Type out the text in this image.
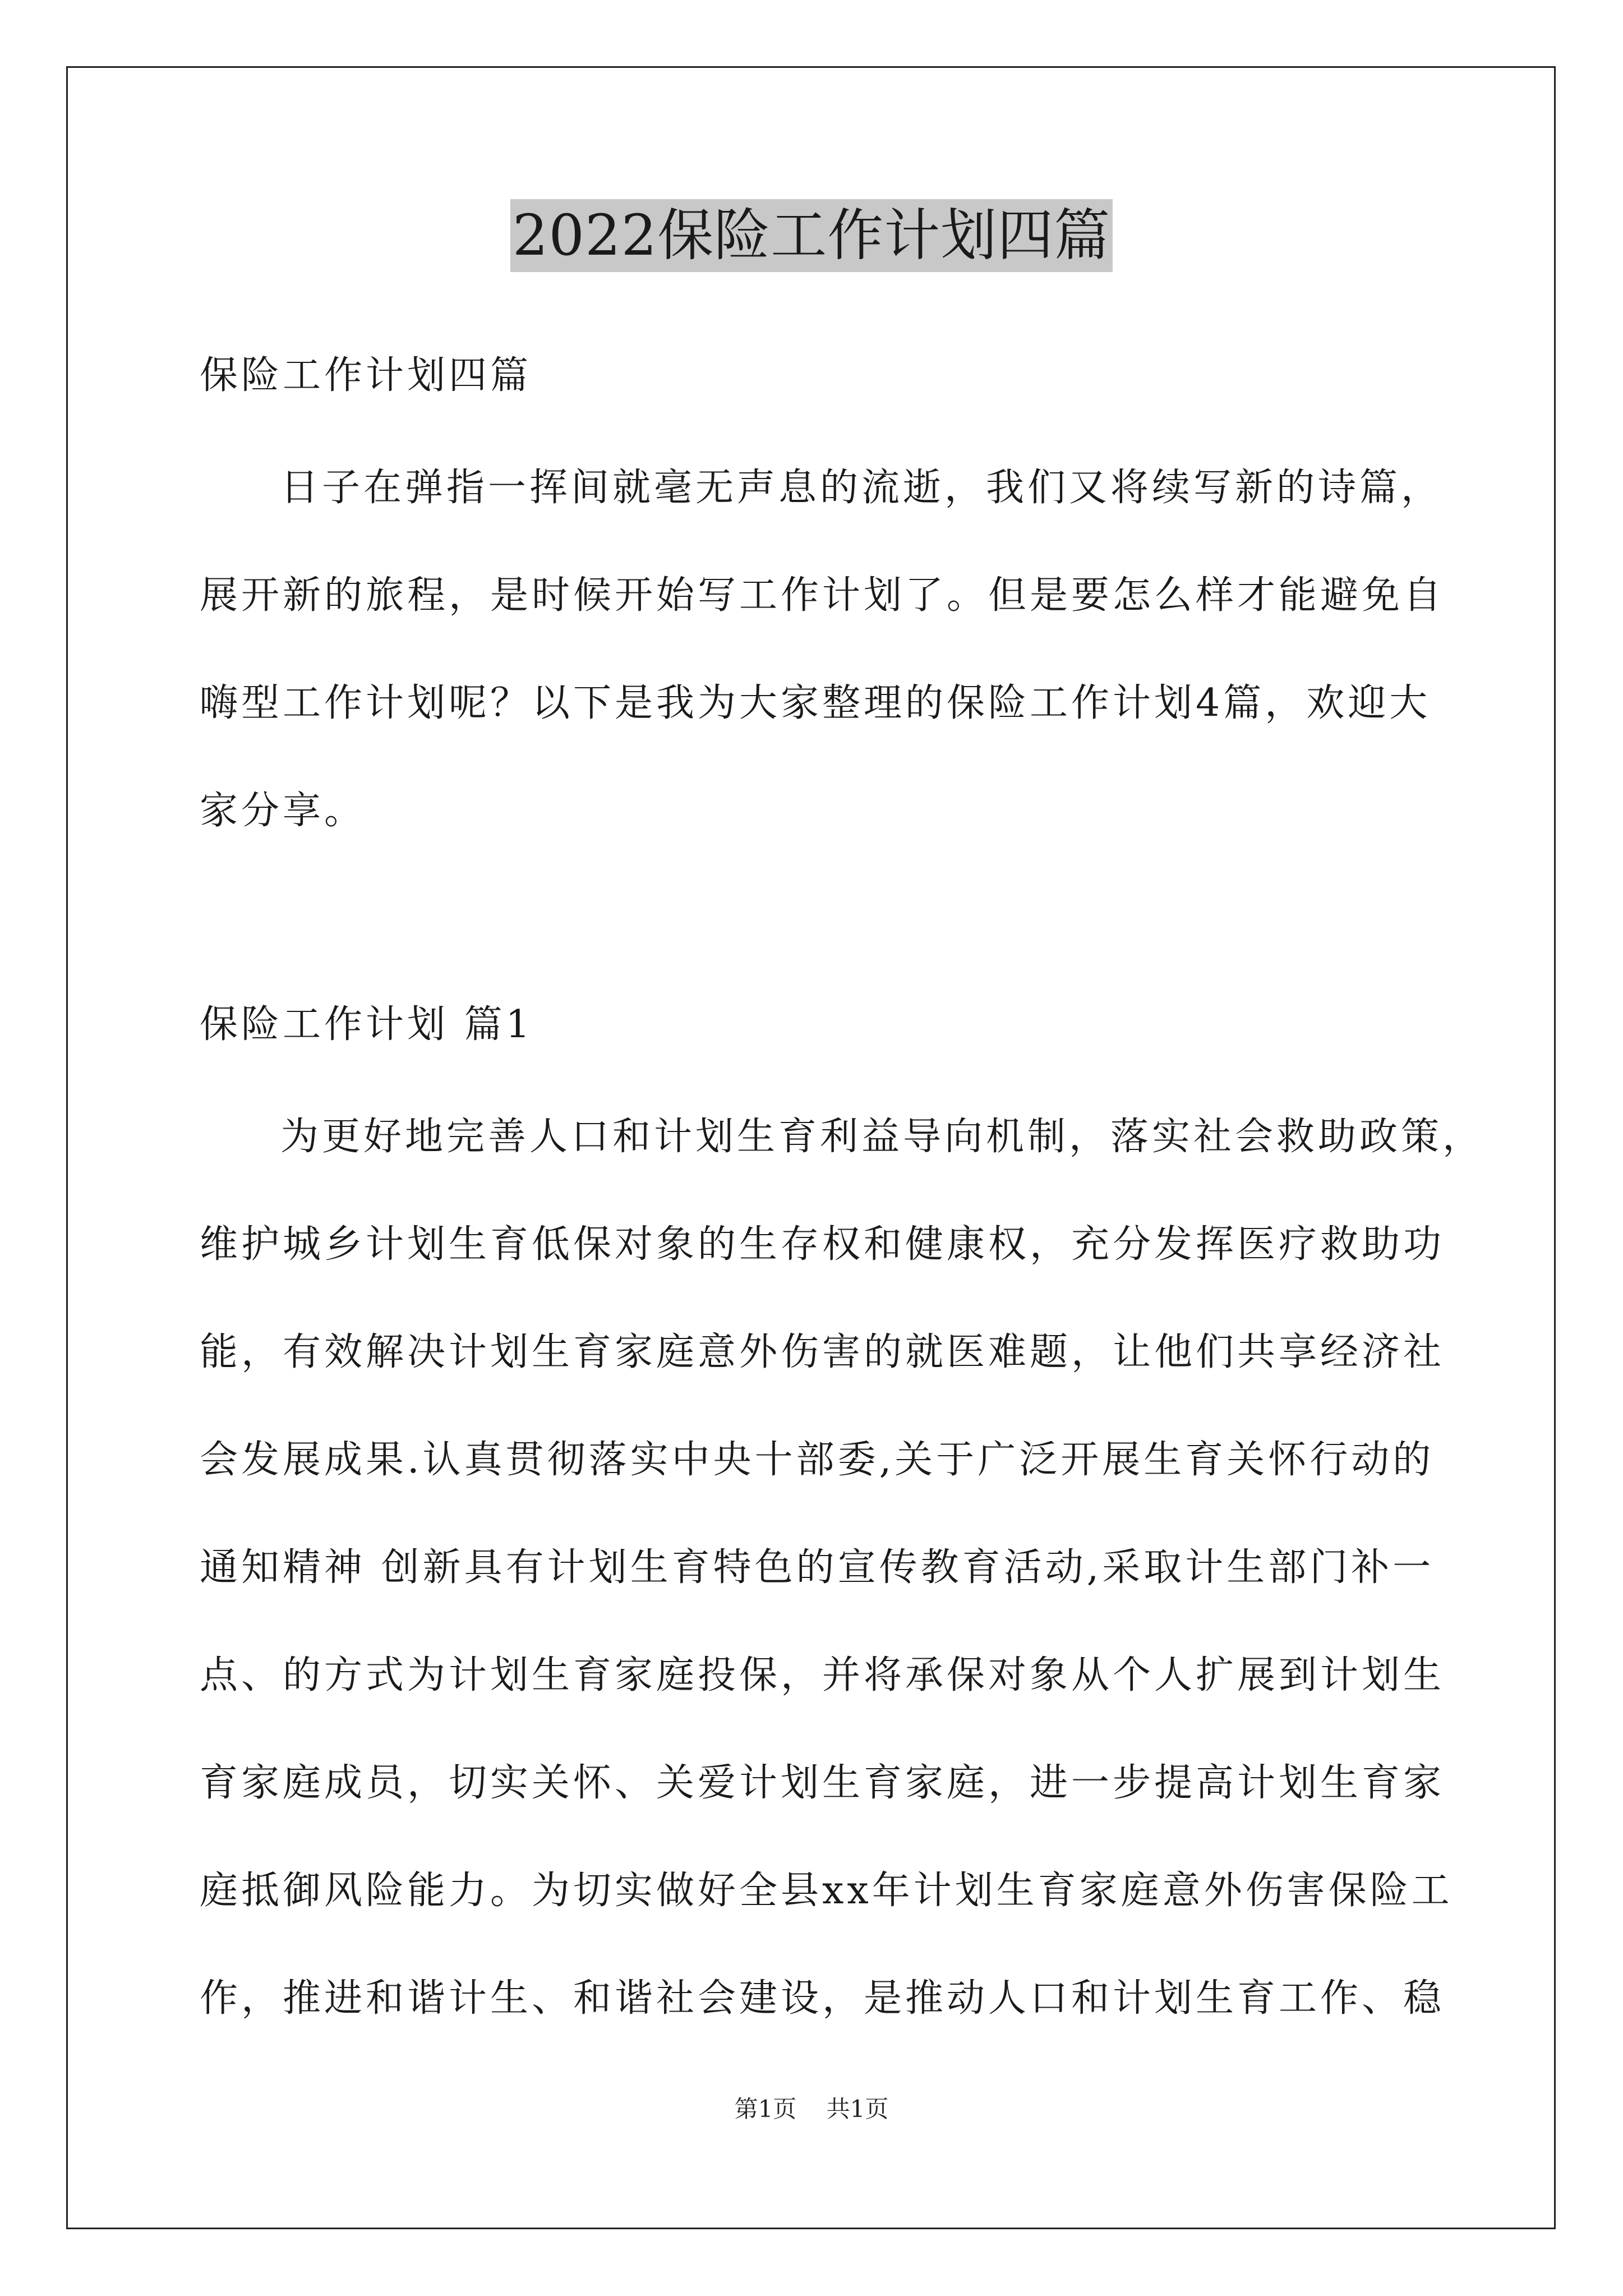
2022保险工作计划四篇
保险工作计划四篇
日子在弹指一挥间就毫无声息的流逝，我们又将续写新的诗篇，
展开新的旅程，是时候开始写工作计划了。但是要怎么样才能避免自
嗨型工作计划呢？以下是我为大家整理的保险工作计划4篇，欢迎大
家分享。
保险工作计划 篇1
为更好地完善人口和计划生育利益导向机制，落实社会救助政策，
维护城乡计划生育低保对象的生存权和健康权，充分发挥医疗救助功
能，有效解决计划生育家庭意外伤害的就医难题，让他们共享经济社
会发展成果.认真贯彻落实中央十部委,关于广泛开展生育关怀行动的
通知精神 创新具有计划生育特色的宣传教育活动,采取计生部门补一
点、的方式为计划生育家庭投保，并将承保对象从个人扩展到计划生
育家庭成员，切实关怀、关爱计划生育家庭，进一步提高计划生育家
庭抵御风险能力。为切实做好全县xx年计划生育家庭意外伤害保险工
作，推进和谐计生、和谐社会建设，是推动人口和计划生育工作、稳
第1页 共1页
